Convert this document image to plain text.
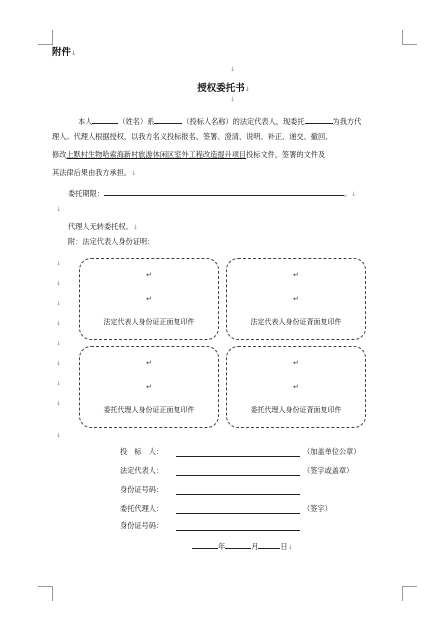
附件↓
↓
授权委托书↓
↓
本人	（姓名）系	（投标人名称）的法定代表人，现委托	为我方代
理人。代理人根据授权，以我方名义投标报名、签署、澄清、说明、补正、递交、撤回、
修改上默村生物哈索海新村旅游休闲区室外工程改造提升项目投标文件，签署的文件及
其法律后果由我方承担。↓
委托期限：	。↓
↓
代理人无转委托权。↓
附：法定代表人身份证明：
↓
↓
↓
↓
↓
↓
↓
↓
↓
↵
↵
法定代表人身份证正面复印件
↵
↵
法定代表人身份证背面复印件
↵
↵
委托代理人身份证正面复印件
↵
↵
委托代理人身份证背面复印件
投　标　人：	（加盖单位公章）
法定代表人：	（签字或盖章）
身份证号码：
委托代理人：	（签字）
身份证号码：
年	月	日↓
